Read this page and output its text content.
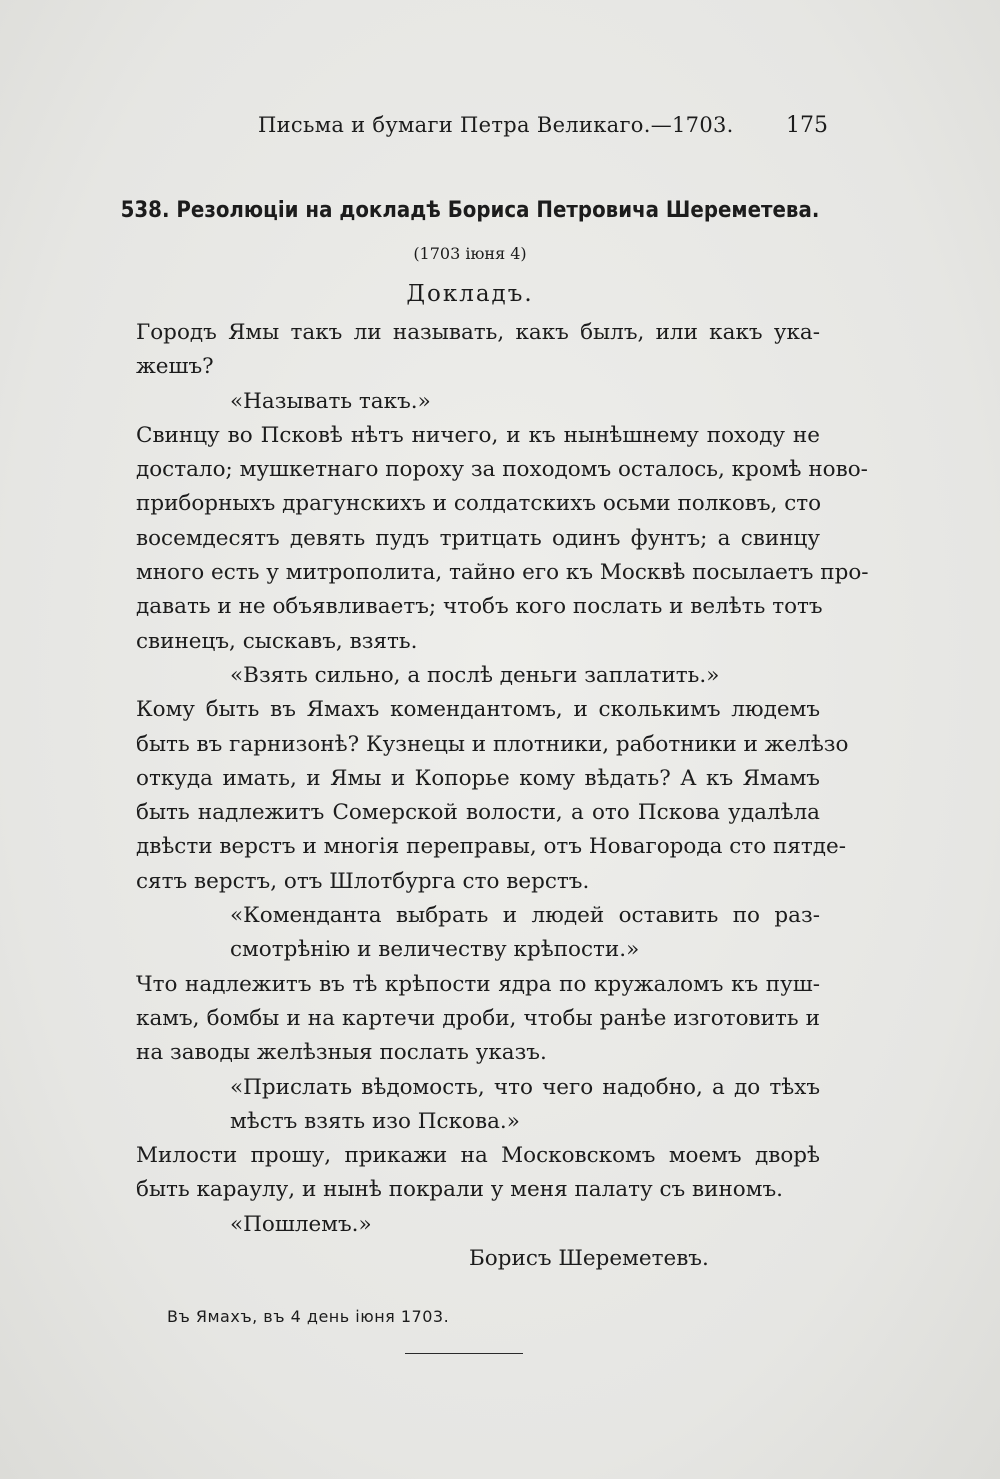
Письма и бумаги Петра Великаго.—1703. 175
538. Резолюціи на докладѣ Бориса Петровича Шереметева.
(1703 іюня 4)
Докладъ.

Городъ Ямы такъ ли называть, какъ былъ, или какъ ука-
жешъ?

«Называть такъ.»

Свинцу во Псковѣ нѣтъ ничего, и къ нынѣшнему походу не
достало; мушкетнаго пороху за походомъ осталось, кромѣ ново-
приборныхъ драгунскихъ и солдатскихъ осьми полковъ, сто
восемдесятъ девять пудъ тритцать одинъ фунтъ; а свинцу
много есть у митрополита, тайно его къ Москвѣ посылаетъ про-
давать и не объявливаетъ; чтобъ кого послать и велѣть тотъ
свинецъ, сыскавъ, взять.

«Взять сильно, а послѣ деньги заплатить.»

Кому быть въ Ямахъ комендантомъ, и сколькимъ людемъ
быть въ гарнизонѣ? Кузнецы и плотники, работники и желѣзо
откуда имать, и Ямы и Копорье кому вѣдать? А къ Ямамъ
быть надлежитъ Сомерской волости, а ото Пскова удалѣла
двѣсти верстъ и многія переправы, отъ Новагорода сто пятде-
сятъ верстъ, отъ Шлотбурга сто верстъ.

«Коменданта выбрать и людей оставить по раз-
смотрѣнію и величеству крѣпости.»

Что надлежитъ въ тѣ крѣпости ядра по кружаломъ къ пуш-
камъ, бомбы и на картечи дроби, чтобы ранѣе изготовить и
на заводы желѣзныя послать указъ.

«Прислать вѣдомость, что чего надобно, а до тѣхъ
мѣстъ взять изо Пскова.»

Милости прошу, прикажи на Московскомъ моемъ дворѣ
быть караулу, и нынѣ покрали у меня палату съ виномъ.

«Пошлемъ.»

Борисъ Шереметевъ.

Въ Ямахъ, въ 4 день іюня 1703.
